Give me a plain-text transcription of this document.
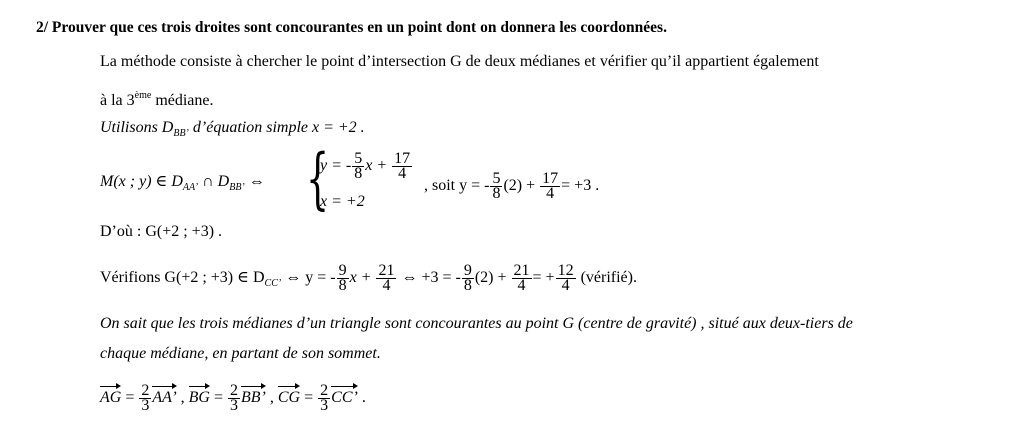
2/ Prouver que ces trois droites sont concourantes en un point dont on donnera les coordonnées.
La méthode consiste à chercher le point d’intersection G de deux médianes et vérifier qu’il appartient également
à la 3ème médiane.
Utilisons $D_{BB’}$ d’équation simple x = +2 .
M(x ; y) ∈ $D_{AA’}$ ∩ $D_{BB’}$ ⇔ {
y = - $\frac{5}{8}$ $x + \frac{17}{4}$
x = +2
, soit y = - $\frac{5}{8} (2) + \frac{17}{4} = +3$ .
D’où : G(+2 ; +3) .
Vérifions G(+2 ; +3) ∈ $D_{CC’}$ ⇔ y = - $\frac{9}{8}$ $x + \frac{21}{4}$ ⇔ +3 = - $\frac{9}{8} (2) + \frac{21}{4}$ = + $\frac{12}{4}$ (vérifié).
On sait que les trois médianes d’un triangle sont concourantes au point G (centre de gravité) , situé aux deux-tiers de
chaque médiane, en partant de son sommet.
AG = $\frac{2}{3}$ AA’ , BG = $\frac{2}{3}$ BB’ , CG = $\frac{2}{3}$ CC’ .
